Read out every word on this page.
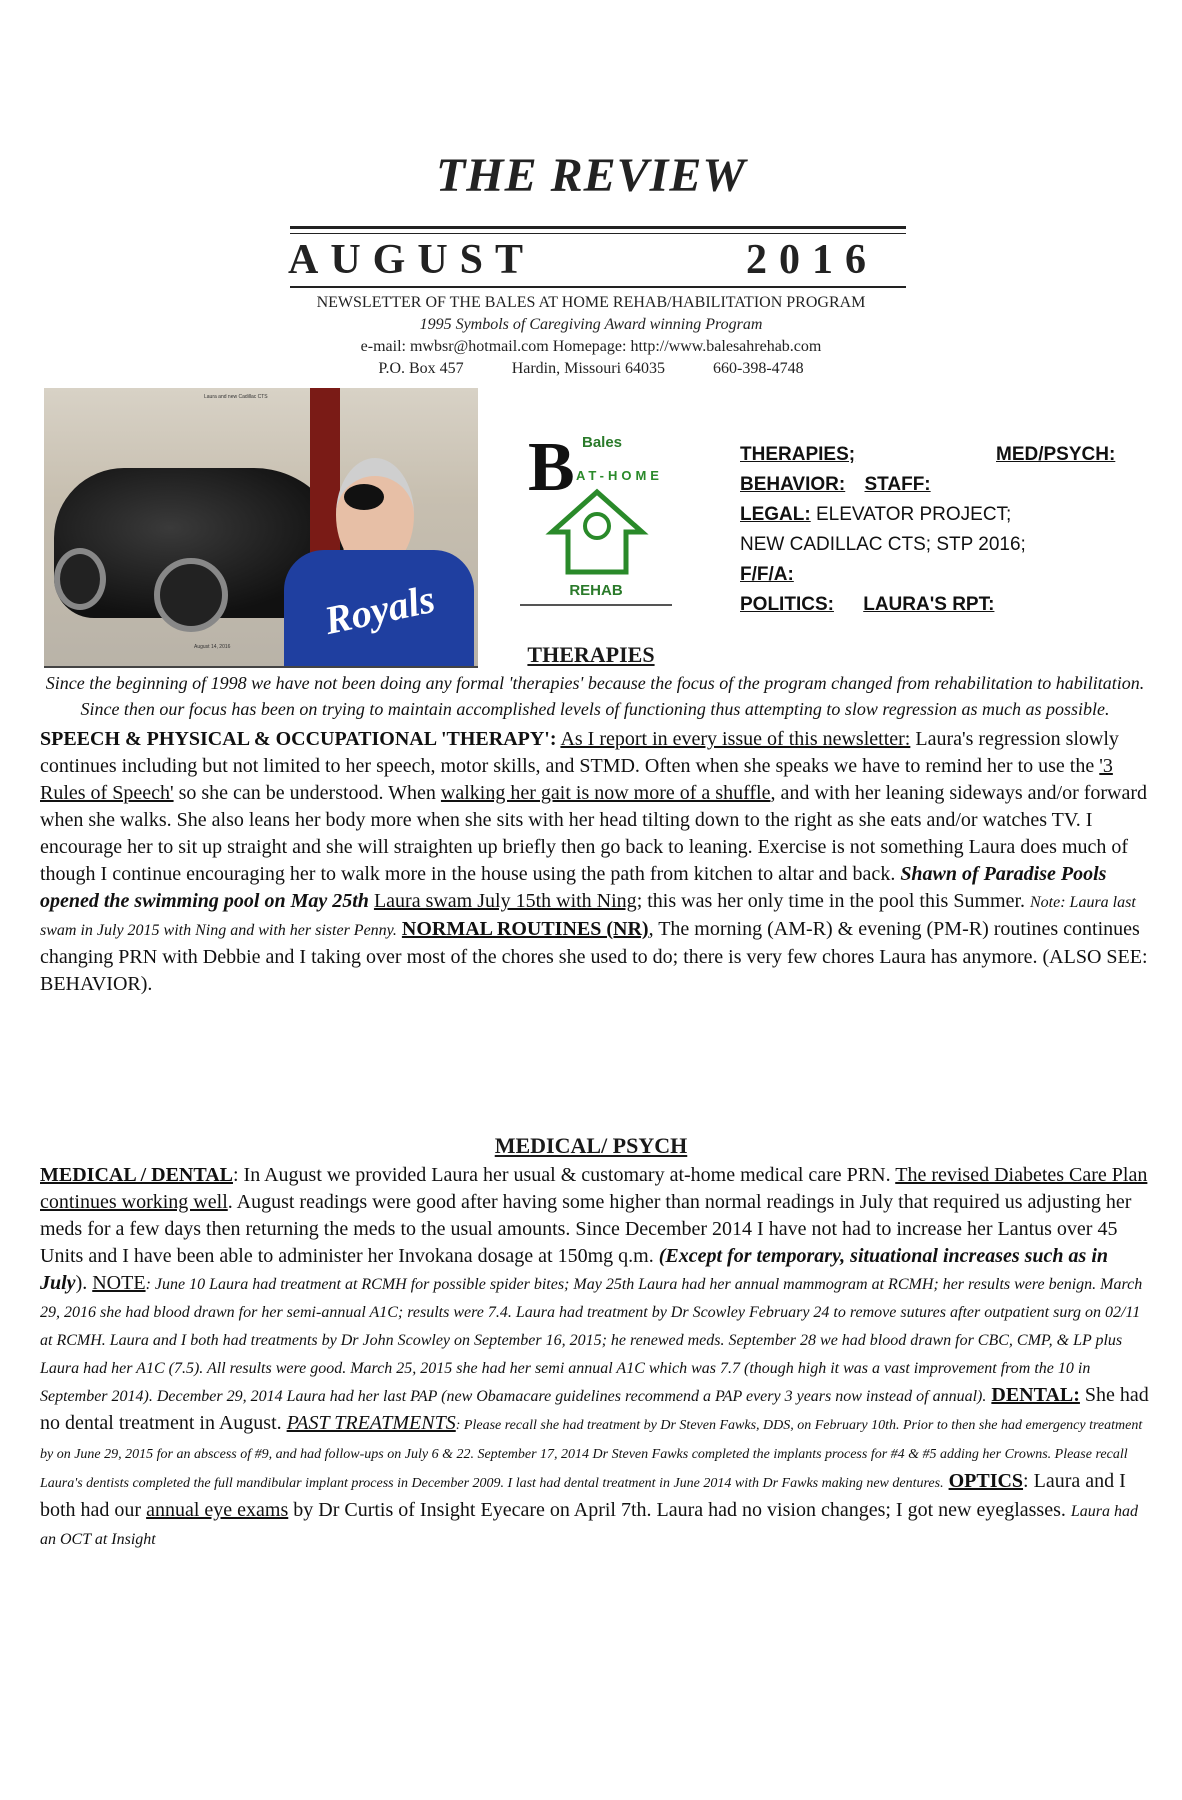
THE REVIEW
AUGUST	2016
NEWSLETTER OF THE BALES AT HOME REHAB/HABILITATION PROGRAM
1995 Symbols of Caregiving Award winning Program
e-mail: mwbsr@hotmail.com Homepage: http://www.balesahrehab.com
P.O. Box 457	Hardin, Missouri 64035	660-398-4748
Laura and new Cadillac CTS
Royals
August 14, 2016
B Bales
AT-HOME
REHAB
THERAPIES;	MED/PSYCH:
BEHAVIOR: STAFF:
LEGAL: ELEVATOR PROJECT;
NEW CADILLAC CTS; STP 2016;
F/F/A:
POLITICS: LAURA'S RPT:
THERAPIES

Since the beginning of 1998 we have not been doing any formal 'therapies' because the focus of the program changed from rehabilitation to habilitation. Since then our focus has been on trying to maintain accomplished levels of functioning thus attempting to slow regression as much as possible.

SPEECH & PHYSICAL & OCCUPATIONAL 'THERAPY': As I report in every issue of this newsletter: Laura's regression slowly continues including but not limited to her speech, motor skills, and STMD. Often when she speaks we have to remind her to use the '3 Rules of Speech' so she can be understood. When walking her gait is now more of a shuffle, and with her leaning sideways and/or forward when she walks. She also leans her body more when she sits with her head tilting down to the right as she eats and/or watches TV. I encourage her to sit up straight and she will straighten up briefly then go back to leaning. Exercise is not something Laura does much of though I continue encouraging her to walk more in the house using the path from kitchen to altar and back. Shawn of Paradise Pools opened the swimming pool on May 25th Laura swam July 15th with Ning; this was her only time in the pool this Summer. Note: Laura last swam in July 2015 with Ning and with her sister Penny. NORMAL ROUTINES (NR), The morning (AM-R) & evening (PM-R) routines continues changing PRN with Debbie and I taking over most of the chores she used to do; there is very few chores Laura has anymore. (ALSO SEE: BEHAVIOR).

MEDICAL/ PSYCH

MEDICAL / DENTAL: In August we provided Laura her usual & customary at-home medical care PRN. The revised Diabetes Care Plan continues working well. August readings were good after having some higher than normal readings in July that required us adjusting her meds for a few days then returning the meds to the usual amounts. Since December 2014 I have not had to increase her Lantus over 45 Units and I have been able to administer her Invokana dosage at 150mg q.m. (Except for temporary, situational increases such as in July). NOTE: June 10 Laura had treatment at RCMH for possible spider bites; May 25th Laura had her annual mammogram at RCMH; her results were benign. March 29, 2016 she had blood drawn for her semi-annual A1C; results were 7.4. Laura had treatment by Dr Scowley February 24 to remove sutures after outpatient surg on 02/11 at RCMH. Laura and I both had treatments by Dr John Scowley on September 16, 2015; he renewed meds. September 28 we had blood drawn for CBC, CMP, & LP plus Laura had her A1C (7.5). All results were good. March 25, 2015 she had her semi annual A1C which was 7.7 (though high it was a vast improvement from the 10 in September 2014). December 29, 2014 Laura had her last PAP (new Obamacare guidelines recommend a PAP every 3 years now instead of annual). DENTAL: She had no dental treatment in August. PAST TREATMENTS: Please recall she had treatment by Dr Steven Fawks, DDS, on February 10th. Prior to then she had emergency treatment by on June 29, 2015 for an abscess of #9, and had follow-ups on July 6 & 22. September 17, 2014 Dr Steven Fawks completed the implants process for #4 & #5 adding her Crowns. Please recall Laura's dentists completed the full mandibular implant process in December 2009. I last had dental treatment in June 2014 with Dr Fawks making new dentures. OPTICS: Laura and I both had our annual eye exams by Dr Curtis of Insight Eyecare on April 7th. Laura had no vision changes; I got new eyeglasses. Laura had an OCT at Insight
